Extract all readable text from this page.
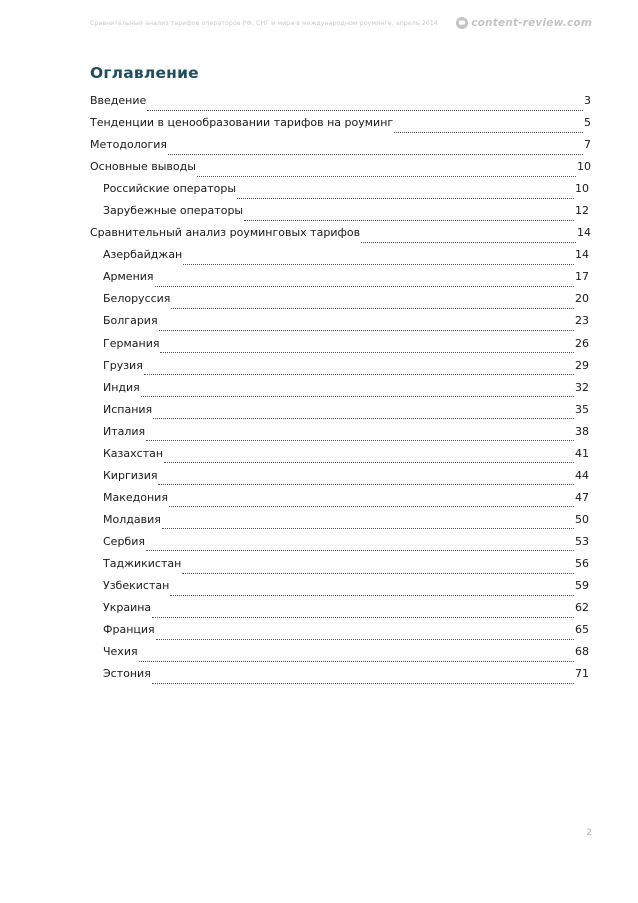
Сравнительный анализ тарифов операторов РФ, СНГ и мира в международном роуминге, апрель 2014	content-review.com
Оглавление
Введение	3
Тенденции в ценообразовании тарифов на роуминг	5
Методология	7
Основные выводы	10
Российские операторы	10
Зарубежные операторы	12
Сравнительный анализ роуминговых тарифов	14
Азербайджан	14
Армения	17
Белоруссия	20
Болгария	23
Германия	26
Грузия	29
Индия	32
Испания	35
Италия	38
Казахстан	41
Киргизия	44
Македония	47
Молдавия	50
Сербия	53
Таджикистан	56
Узбекистан	59
Украина	62
Франция	65
Чехия	68
Эстония	71
2
